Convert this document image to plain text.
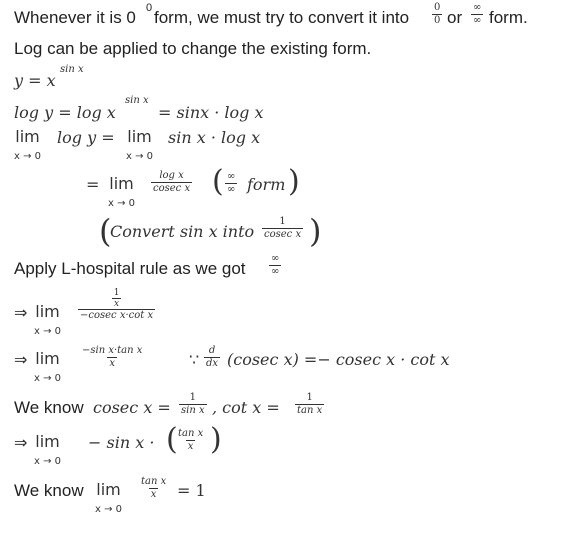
Whenever it is 0 0 form, we must try to convert it into $\frac{0}{0}$ or
∞
∞ form.
Log can be applied to change the existing form.
y = x
sin x
log y = log x
sin x
= sinx · log x
lim
x → 0
log y = lim
x → 0
sin x · log x
= lim
x → 0
$\frac{\text{log x}}{\text{cosec x}}$ ( ∞
∞ form )
(
Convert sin x into $\frac{1}{\text{cosec x}}$ )
Apply L-hospital rule as we got
∞
∞
⇒ lim
x → 0
1
x
−cosec x·cot x
⇒ lim
x → 0
$\frac{\text{−sin x·tan x}}{x}$	∵ $\frac{d}{dx} (cosec$ x) =− cosec x · cot x
We know cosec $x = \frac{1}{\text{sin x}}$ , $\cot x = \frac{1}{\text{tan x}}$
⇒ lim
x → 0
− sin x · (
$\frac{\text{tan x}}{x}$ )
We know lim
x → 0
$\frac{\text{tan x}}{x} = 1$
